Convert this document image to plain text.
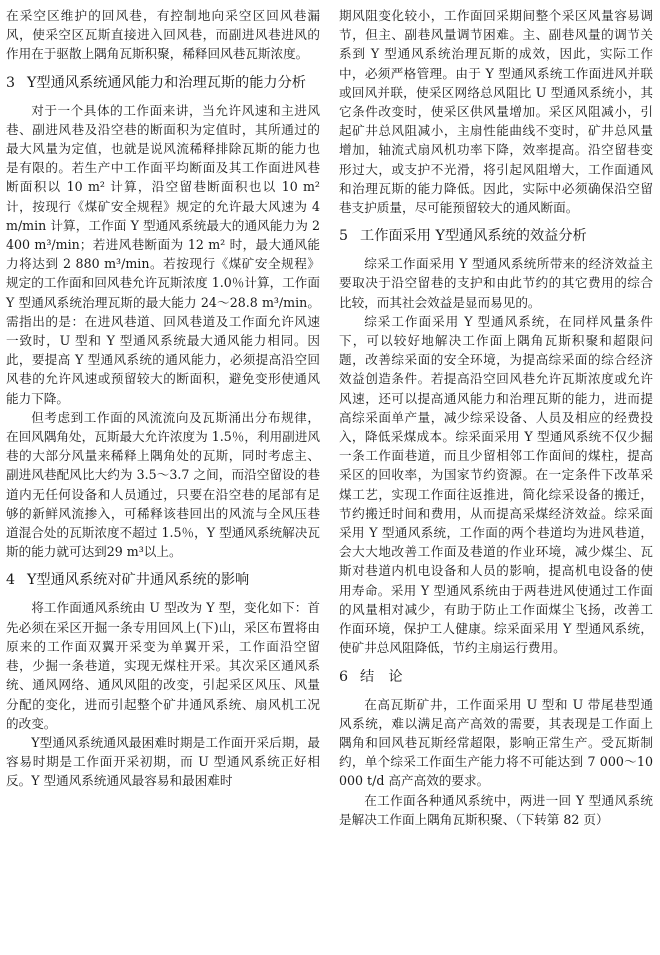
在采空区维护的回风巷，有控制地向采空区回风巷漏风，使采空区瓦斯直接进入回风巷，而副进风巷进风的作用在于驱散上隅角瓦斯积聚，稀释回风巷瓦斯浓度。

3 Y型通风系统通风能力和治理瓦斯的能力分析

对于一个具体的工作面来讲，当允许风速和主进风巷、副进风巷及沿空巷的断面积为定值时，其所通过的最大风量为定值，也就是说风流稀释排除瓦斯的能力也是有限的。若生产中工作面平均断面及其工作面进风巷断面积以 10 m² 计算，沿空留巷断面积也以 10 m² 计，按现行《煤矿安全规程》规定的允许最大风速为 4 m/min 计算，工作面 Y 型通风系统最大的通风能力为 2 400 m³/min；若进风巷断面为 12 m² 时，最大通风能力将达到 2 880 m³/min。若按现行《煤矿安全规程》规定的工作面和回风巷允许瓦斯浓度 1.0％计算，工作面 Y 型通风系统治理瓦斯的最大能力 24～28.8 m³/min。需指出的是：在进风巷道、回风巷道及工作面允许风速一致时，U 型和 Y 型通风系统最大通风能力相同。因此，要提高 Y 型通风系统的通风能力，必须提高沿空回风巷的允许风速或预留较大的断面积，避免变形使通风能力下降。

但考虑到工作面的风流流向及瓦斯涌出分布规律，在回风隅角处，瓦斯最大允许浓度为 1.5％，利用副进风巷的大部分风量来稀释上隅角处的瓦斯，同时考虑主、副进风巷配风比大约为 3.5～3.7 之间，而沿空留设的巷道内无任何设备和人员通过，只要在沿空巷的尾部有足够的新鲜风流掺入，可稀释该巷回出的风流与全风压巷道混合处的瓦斯浓度不超过 1.5％，Y 型通风系统解决瓦斯的能力就可达到29 m³以上。

4 Y型通风系统对矿井通风系统的影响

将工作面通风系统由 U 型改为 Y 型，变化如下：首先必须在采区开掘一条专用回风上(下)山，采区布置将由原来的工作面双翼开采变为单翼开采，工作面沿空留巷，少掘一条巷道，实现无煤柱开采。其次采区通风系统、通风网络、通风风阻的改变，引起采区风压、风量分配的变化，进而引起整个矿井通风系统、扇风机工况的改变。

Y型通风系统通风最困难时期是工作面开采后期，最容易时期是工作面开采初期，而 U 型通风系统正好相反。Y 型通风系统通风最容易和最困难时

期风阻变化较小，工作面回采期间整个采区风量容易调节，但主、副巷风量调节困难。主、副巷风量的调节关系到 Y 型通风系统治理瓦斯的成效，因此，实际工作中，必须严格管理。由于 Y 型通风系统工作面进风并联或回风并联，使采区网络总风阻比 U 型通风系统小，其它条件改变时，使采区供风量增加。采区风阻减小，引起矿井总风阻减小，主扇性能曲线不变时，矿井总风量增加，轴流式扇风机功率下降，效率提高。沿空留巷变形过大，或支护不光滑，将引起风阻增大，工作面通风和治理瓦斯的能力降低。因此，实际中必须确保沿空留巷支护质量，尽可能预留较大的通风断面。

5 工作面采用 Y型通风系统的效益分析

综采工作面采用 Y 型通风系统所带来的经济效益主要取决于沿空留巷的支护和由此节约的其它费用的综合比较，而其社会效益是显而易见的。

综采工作面采用 Y 型通风系统，在同样风量条件下，可以较好地解决工作面上隅角瓦斯积聚和超限问题，改善综采面的安全环境，为提高综采面的综合经济效益创造条件。若提高沿空回风巷允许瓦斯浓度或允许风速，还可以提高通风能力和治理瓦斯的能力，进而提高综采面单产量，减少综采设备、人员及相应的经费投入，降低采煤成本。综采面采用 Y 型通风系统不仅少掘一条工作面巷道，而且少留相邻工作面间的煤柱，提高采区的回收率，为国家节约资源。在一定条件下改革采煤工艺，实现工作面往返推进，简化综采设备的搬迁，节约搬迁时间和费用，从而提高采煤经济效益。综采面采用 Y 型通风系统，工作面的两个巷道均为进风巷道，会大大地改善工作面及巷道的作业环境，减少煤尘、瓦斯对巷道内机电设备和人员的影响，提高机电设备的使用寿命。采用 Y 型通风系统由于两巷进风使通过工作面的风量相对减少，有助于防止工作面煤尘飞扬，改善工作面环境，保护工人健康。综采面采用 Y 型通风系统，使矿井总风阻降低，节约主扇运行费用。

6 结　论

在高瓦斯矿井，工作面采用 U 型和 U 带尾巷型通风系统，难以满足高产高效的需要，其表现是工作面上隅角和回风巷瓦斯经常超限，影响正常生产。受瓦斯制约，单个综采工作面生产能力将不可能达到 7 000～10 000 t/d 高产高效的要求。

在工作面各种通风系统中，两进一回 Y 型通风系统是解决工作面上隅角瓦斯积聚、（下转第 82 页）
